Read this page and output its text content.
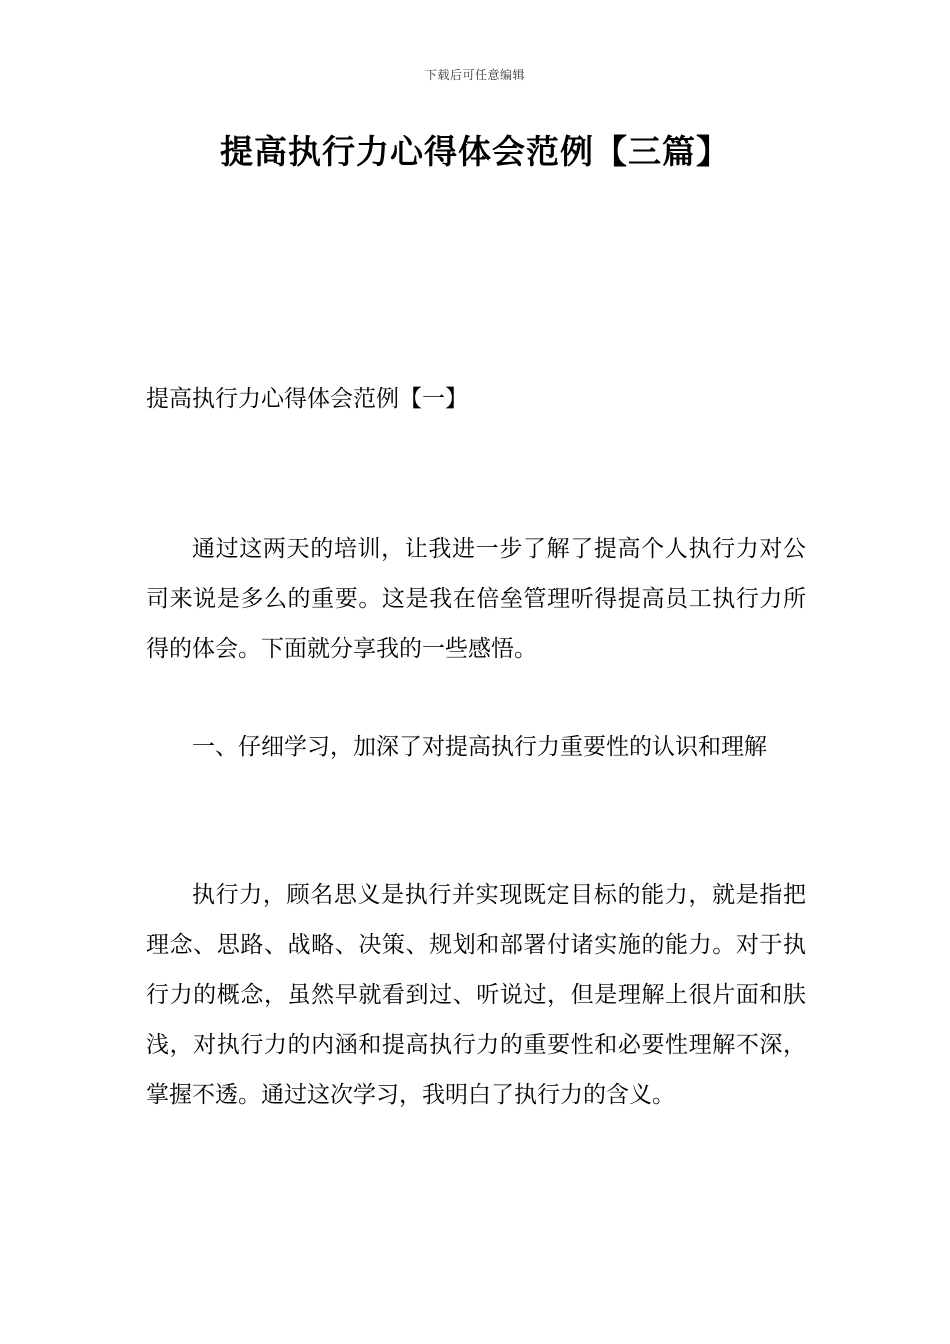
下载后可任意编辑
提高执行力心得体会范例【三篇】
提高执行力心得体会范例【一】

通过这两天的培训，让我进一步了解了提高个人执行力对公司来说是多么的重要。这是我在倍垒管理听得提高员工执行力所得的体会。下面就分享我的一些感悟。

一、仔细学习，加深了对提高执行力重要性的认识和理解

执行力，顾名思义是执行并实现既定目标的能力，就是指把理念、思路、战略、决策、规划和部署付诸实施的能力。对于执行力的概念，虽然早就看到过、听说过，但是理解上很片面和肤浅，对执行力的内涵和提高执行力的重要性和必要性理解不深，掌握不透。通过这次学习，我明白了执行力的含义。
